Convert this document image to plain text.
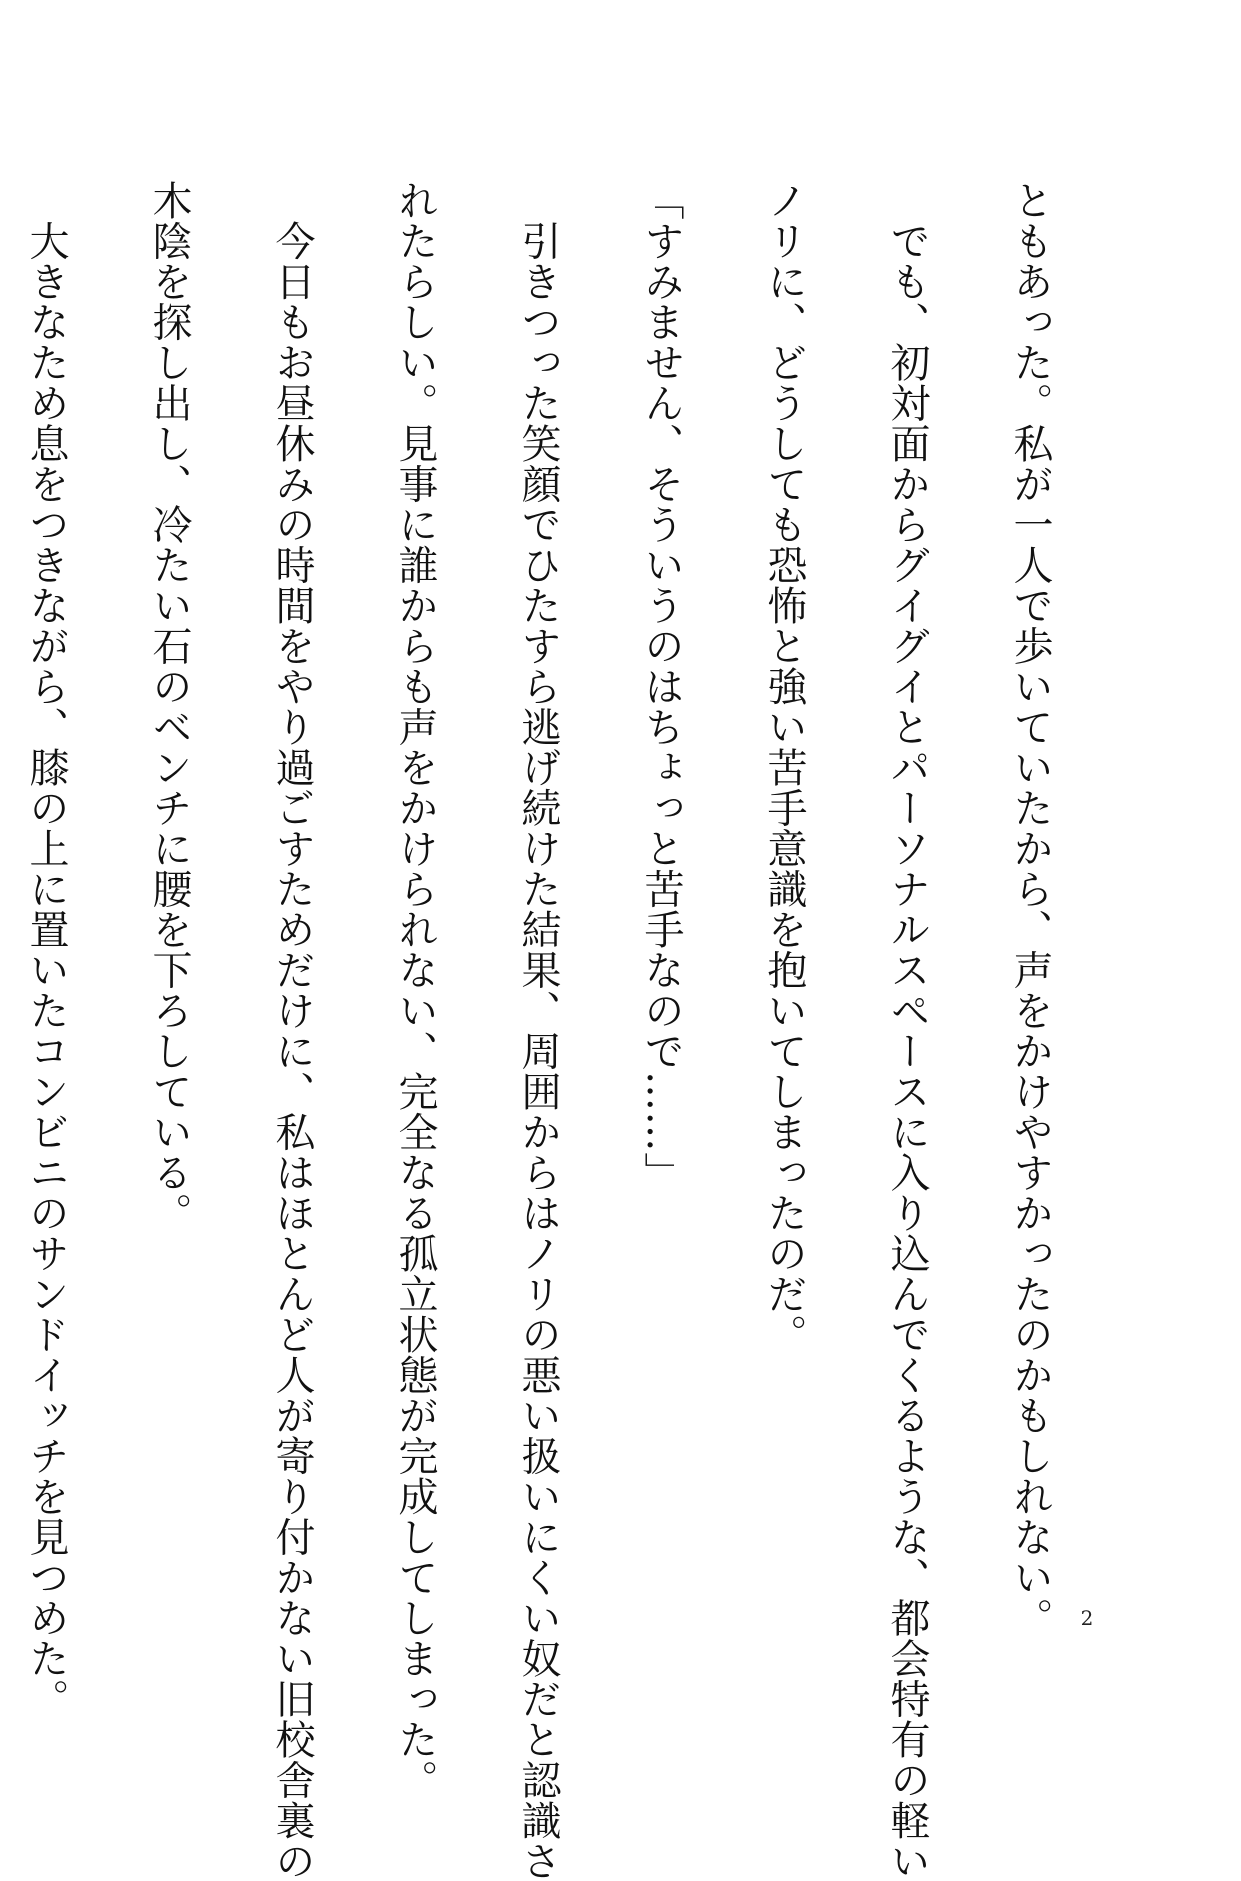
ともあった。私が一人で歩いていたから、声をかけやすかったのかもしれない。

　でも、初対面からグイグイとパーソナルスペースに入り込んでくるような、都会特有の軽い

ノリに、どうしても恐怖と強い苦手意識を抱いてしまったのだ。

「すみません、そういうのはちょっと苦手なので……」

　引きつった笑顔でひたすら逃げ続けた結果、周囲からはノリの悪い扱いにくい奴だと認識さ

れたらしい。見事に誰からも声をかけられない、完全なる孤立状態が完成してしまった。

　今日もお昼休みの時間をやり過ごすためだけに、私はほとんど人が寄り付かない旧校舎裏の

木陰を探し出し、冷たい石のベンチに腰を下ろしている。

　大きなため息をつきながら、膝の上に置いたコンビニのサンドイッチを見つめた。	2
